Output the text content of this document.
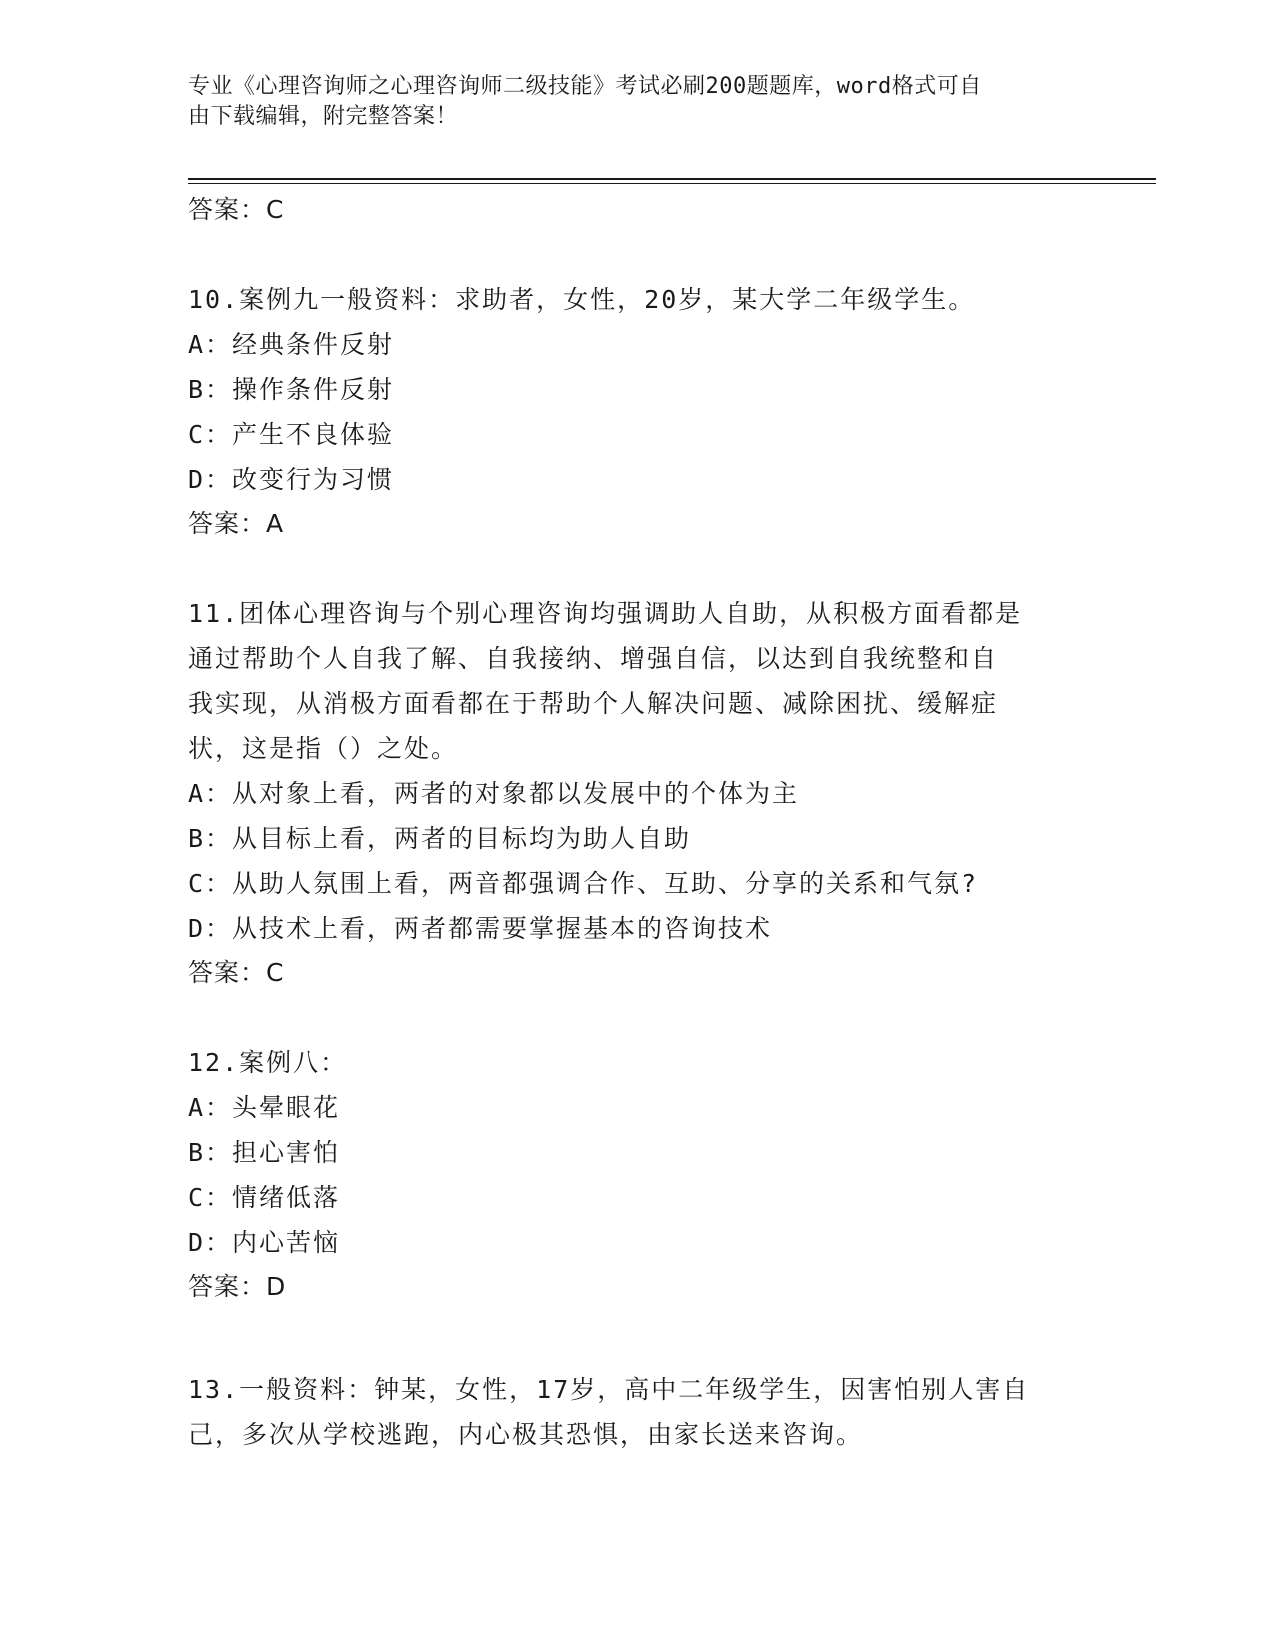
专业《心理咨询师之心理咨询师二级技能》考试必刷200题题库，word格式可自
由下载编辑，附完整答案！
答案：C
10.案例九一般资料：求助者，女性，20岁，某大学二年级学生。
A：经典条件反射
B：操作条件反射
C：产生不良体验
D：改变行为习惯
答案：A
11.团体心理咨询与个别心理咨询均强调助人自助，从积极方面看都是
通过帮助个人自我了解、自我接纳、增强自信，以达到自我统整和自
我实现，从消极方面看都在于帮助个人解决问题、减除困扰、缓解症
状，这是指（）之处。
A：从对象上看，两者的对象都以发展中的个体为主
B：从目标上看，两者的目标均为助人自助
C：从助人氛围上看，两音都强调合作、互助、分享的关系和气氛?
D：从技术上看，两者都需要掌握基本的咨询技术
答案：C
12.案例八：
A：头晕眼花
B：担心害怕
C：情绪低落
D：内心苦恼
答案：D
13.一般资料：钟某，女性，17岁，高中二年级学生，因害怕别人害自
己，多次从学校逃跑，内心极其恐惧，由家长送来咨询。
